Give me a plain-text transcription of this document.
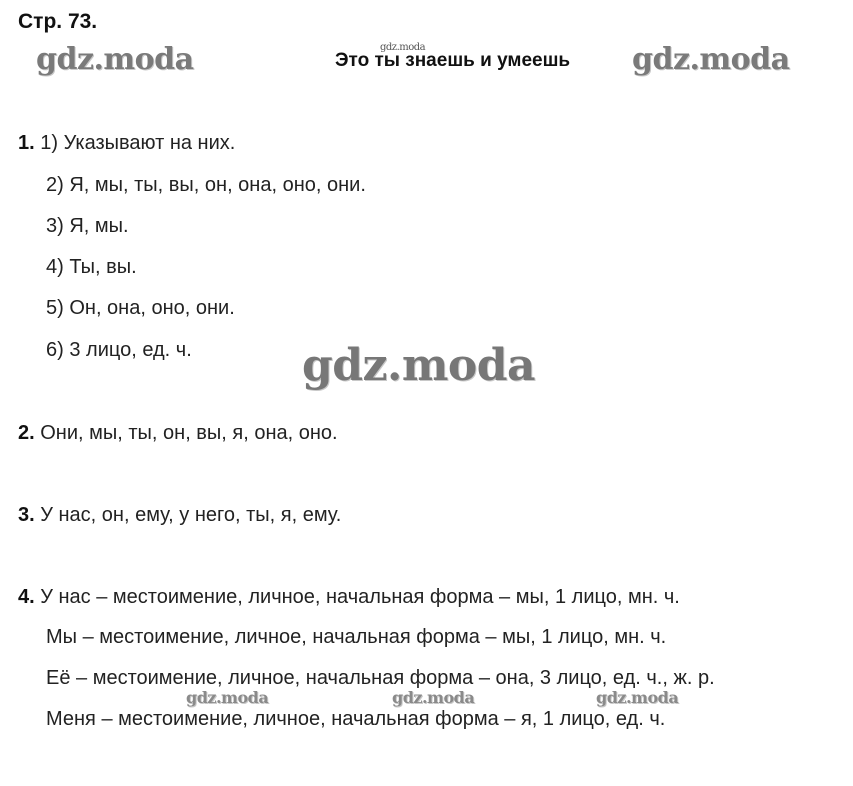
Стр. 73.
Это ты знаешь и умеешь
gdz.moda	gdz.moda	gdz.moda
gdz.moda
gdz.moda	gdz.moda	gdz.moda
1. 1) Указывают на них.
2) Я, мы, ты, вы, он, она, оно, они.
3) Я, мы.
4) Ты, вы.
5) Он, она, оно, они.
6) 3 лицо, ед. ч.
2. Они, мы, ты, он, вы, я, она, оно.
3. У нас, он, ему, у него, ты, я, ему.
4. У нас – местоимение, личное, начальная форма – мы, 1 лицо, мн. ч.
Мы – местоимение, личное, начальная форма – мы, 1 лицо, мн. ч.
Её – местоимение, личное, начальная форма – она, 3 лицо, ед. ч., ж. р.
Меня – местоимение, личное, начальная форма – я, 1 лицо, ед. ч.
